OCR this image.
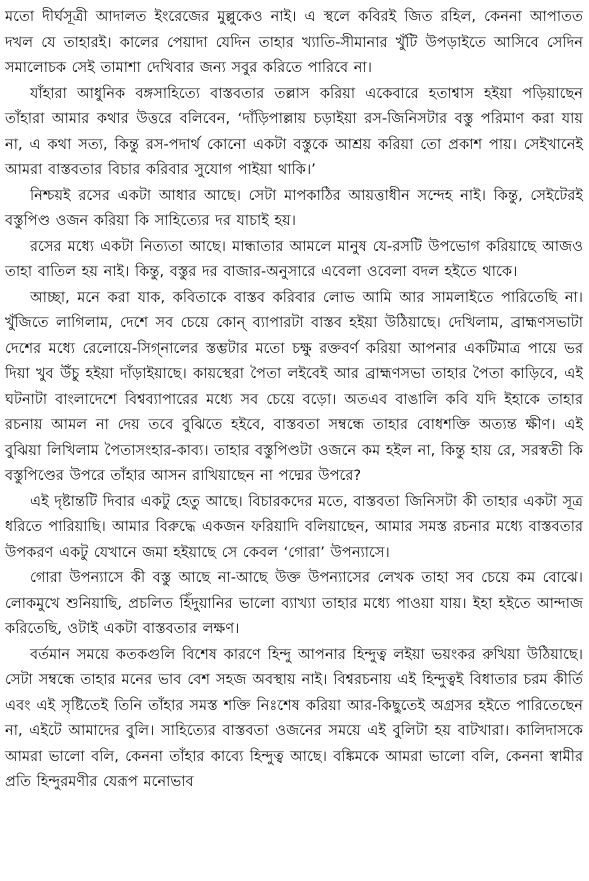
মতো দীর্ঘসূত্রী আদালত ইংরেজের মুল্লুকেও নাই। এ স্থলে কবিরই জিত রহিল, কেননা আপাতত দখল যে তাহারই। কালের পেয়াদা যেদিন তাহার খ্যাতি-সীমানার খুঁটি উপড়াইতে আসিবে সেদিন সমালোচক সেই তামাশা দেখিবার জন্য সবুর করিতে পারিবে না।

যাঁহারা আধুনিক বঙ্গসাহিত্যে বাস্তবতার তল্লাস করিয়া একেবারে হতাশ্বাস হইয়া পড়িয়াছেন তাঁহারা আমার কথার উত্তরে বলিবেন, ‘দাঁড়িপাল্লায় চড়াইয়া রস-জিনিসটার বস্তু পরিমাণ করা যায় না, এ কথা সত্য, কিন্তু রস-পদার্থ কোনো একটা বস্তুকে আশ্রয় করিয়া তো প্রকাশ পায়। সেইখানেই আমরা বাস্তবতার বিচার করিবার সুযোগ পাইয়া থাকি।’

নিশ্চয়ই রসের একটা আধার আছে। সেটা মাপকাঠির আয়ত্তাধীন সন্দেহ নাই। কিন্তু, সেইটেরই বস্তুপিণ্ড ওজন করিয়া কি সাহিত্যের দর যাচাই হয়।

রসের মধ্যে একটা নিত্যতা আছে। মান্ধাতার আমলে মানুষ যে-রসটি উপভোগ করিয়াছে আজও তাহা বাতিল হয় নাই। কিন্তু, বস্তুর দর বাজার-অনুসারে এবেলা ওবেলা বদল হইতে থাকে।

আচ্ছা, মনে করা যাক, কবিতাকে বাস্তব করিবার লোভ আমি আর সামলাইতে পারিতেছি না। খুঁজিতে লাগিলাম, দেশে সব চেয়ে কোন্‌ ব্যাপারটা বাস্তব হইয়া উঠিয়াছে। দেখিলাম, ব্রাহ্মণসভাটা দেশের মধ্যে রেলোয়ে-সিগ্‌নালের স্তম্ভটার মতো চক্ষু রক্তবর্ণ করিয়া আপনার একটিমাত্র পায়ে ভর দিয়া খুব উঁচু হইয়া দাঁড়াইয়াছে। কায়স্থেরা পৈতা লইবেই আর ব্রাহ্মণসভা তাহার পৈতা কাড়িবে, এই ঘটনাটা বাংলাদেশে বিশ্বব্যাপারের মধ্যে সব চেয়ে বড়ো। অতএব বাঙালি কবি যদি ইহাকে তাহার রচনায় আমল না দেয় তবে বুঝিতে হইবে, বাস্তবতা সম্বন্ধে তাহার বোধশক্তি অত্যন্ত ক্ষীণ। এই বুঝিয়া লিখিলাম পৈতাসংহার-কাব্য। তাহার বস্তুপিণ্ডটা ওজনে কম হইল না, কিন্তু হায় রে, সরস্বতী কি বস্তুপিণ্ডের উপরে তাঁহার আসন রাখিয়াছেন না পদ্মের উপরে?

এই দৃষ্টান্তটি দিবার একটু হেতু আছে। বিচারকদের মতে, বাস্তবতা জিনিসটা কী তাহার একটা সূত্র ধরিতে পারিয়াছি। আমার বিরুদ্ধে একজন ফরিয়াদি বলিয়াছেন, আমার সমস্ত রচনার মধ্যে বাস্তবতার উপকরণ একটু যেখানে জমা হইয়াছে সে কেবল ‘গোরা’ উপন্যাসে।

গোরা উপন্যাসে কী বস্তু আছে না-আছে উক্ত উপন্যাসের লেখক তাহা সব চেয়ে কম বোঝে। লোকমুখে শুনিয়াছি, প্রচলিত হিঁদুয়ানির ভালো ব্যাখ্যা তাহার মধ্যে পাওয়া যায়। ইহা হইতে আন্দাজ করিতেছি, ওটাই একটা বাস্তবতার লক্ষণ।

বর্তমান সময়ে কতকগুলি বিশেষ কারণে হিন্দু আপনার হিন্দুত্ব লইয়া ভয়ংকর রুখিয়া উঠিয়াছে। সেটা সম্বন্ধে তাহার মনের ভাব বেশ সহজ অবস্থায় নাই। বিশ্বরচনায় এই হিন্দুত্বই বিধাতার চরম কীর্তি এবং এই সৃষ্টিতেই তিনি তাঁহার সমস্ত শক্তি নিঃশেষ করিয়া আর-কিছুতেই অগ্রসর হইতে পারিতেছেন না, এইটে আমাদের বুলি। সাহিত্যের বাস্তবতা ওজনের সময়ে এই বুলিটা হয় বাটখারা। কালিদাসকে আমরা ভালো বলি, কেননা তাঁহার কাব্যে হিন্দুত্ব আছে। বঙ্কিমকে আমরা ভালো বলি, কেননা স্বামীর প্রতি হিন্দুরমণীর যেরূপ মনোভাব
